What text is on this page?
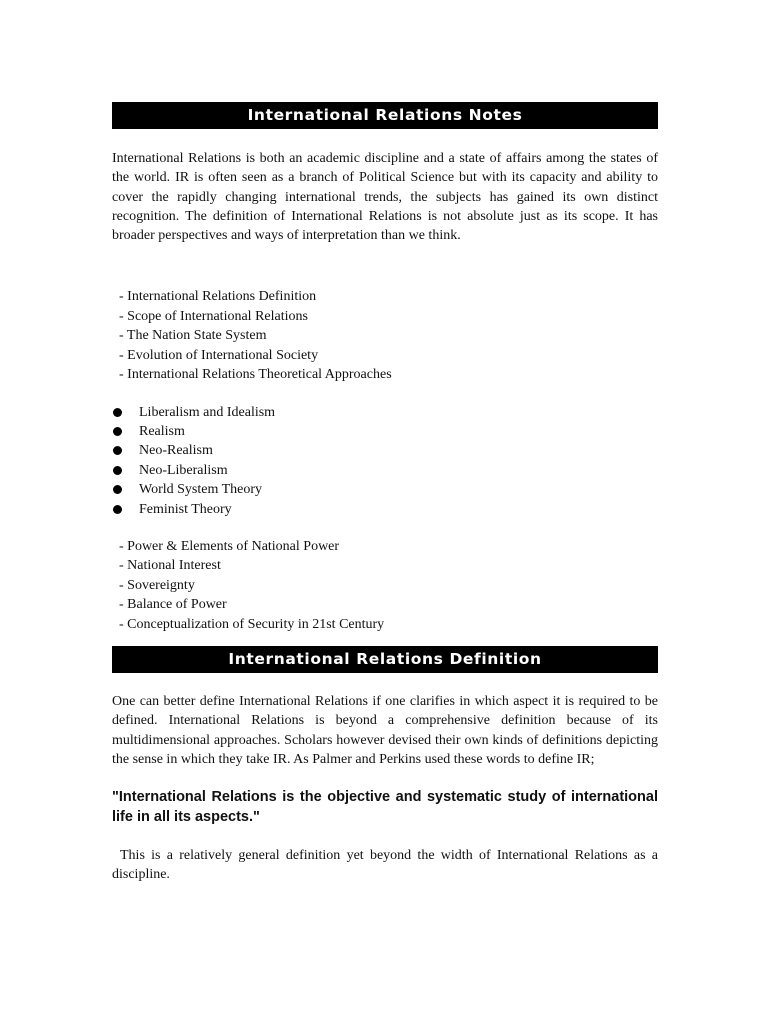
International Relations Notes

International Relations is both an academic discipline and a state of affairs among the states of the world. IR is often seen as a branch of Political Science but with its capacity and ability to cover the rapidly changing international trends, the subjects has gained its own distinct recognition. The definition of International Relations is not absolute just as its scope. It has broader perspectives and ways of interpretation than we think.

- International Relations Definition
- Scope of International Relations
- The Nation State System
- Evolution of International Society
- International Relations Theoretical Approaches
Liberalism and Idealism
Realism
Neo-Realism
Neo-Liberalism
World System Theory
Feminist Theory
- Power & Elements of National Power
- National Interest
- Sovereignty
- Balance of Power
- Conceptualization of Security in 21st Century
International Relations Definition

One can better define International Relations if one clarifies in which aspect it is required to be defined. International Relations is beyond a comprehensive definition because of its multidimensional approaches. Scholars however devised their own kinds of definitions depicting the sense in which they take IR. As Palmer and Perkins used these words to define IR;

"International Relations is the objective and systematic study of international life in all its aspects."

This is a relatively general definition yet beyond the width of International Relations as a discipline.
